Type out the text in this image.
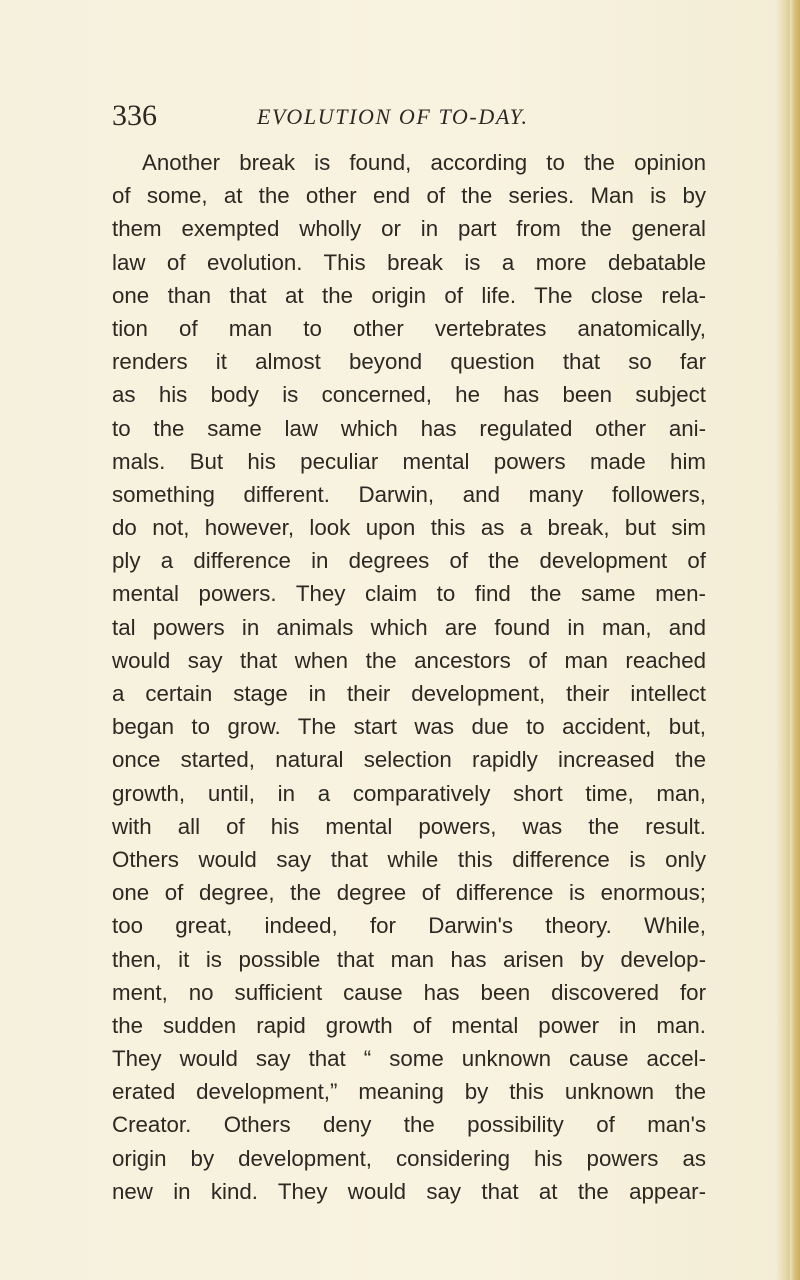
336	EVOLUTION OF TO-DAY.
Another break is found, according to the opinion
of some, at the other end of the series. Man is by
them exempted wholly or in part from the general
law of evolution. This break is a more debatable
one than that at the origin of life. The close rela-
tion of man to other vertebrates anatomically,
renders it almost beyond question that so far
as his body is concerned, he has been subject
to the same law which has regulated other ani-
mals. But his peculiar mental powers made him
something different. Darwin, and many followers,
do not, however, look upon this as a break, but sim
ply a difference in degrees of the development of
mental powers. They claim to find the same men-
tal powers in animals which are found in man, and
would say that when the ancestors of man reached
a certain stage in their development, their intellect
began to grow. The start was due to accident, but,
once started, natural selection rapidly increased the
growth, until, in a comparatively short time, man,
with all of his mental powers, was the result.
Others would say that while this difference is only
one of degree, the degree of difference is enormous;
too great, indeed, for Darwin's theory. While,
then, it is possible that man has arisen by develop-
ment, no sufficient cause has been discovered for
the sudden rapid growth of mental power in man.
They would say that “ some unknown cause accel-
erated development,” meaning by this unknown the
Creator. Others deny the possibility of man's
origin by development, considering his powers as
new in kind. They would say that at the appear-
